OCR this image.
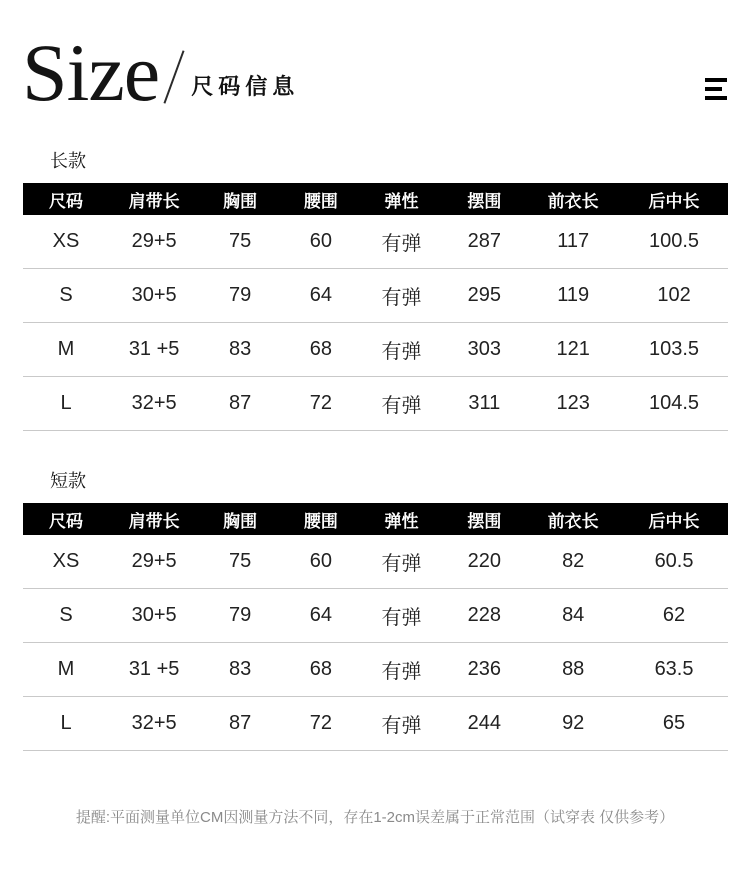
Size 尺码信息
长款
尺码	肩带长	胸围	腰围	弹性	摆围	前衣长	后中长
XS	29+5	75	60	有弹	287	117	100.5
S	30+5	79	64	有弹	295	119	102
M	31 +5	83	68	有弹	303	121	103.5
L	32+5	87	72	有弹	311	123	104.5
短款
尺码	肩带长	胸围	腰围	弹性	摆围	前衣长	后中长
XS	29+5	75	60	有弹	220	82	60.5
S	30+5	79	64	有弹	228	84	62
M	31 +5	83	68	有弹	236	88	63.5
L	32+5	87	72	有弹	244	92	65
提醒:平面测量单位CM因测量方法不同，存在1-2cm误差属于正常范围（试穿表 仅供参考）
